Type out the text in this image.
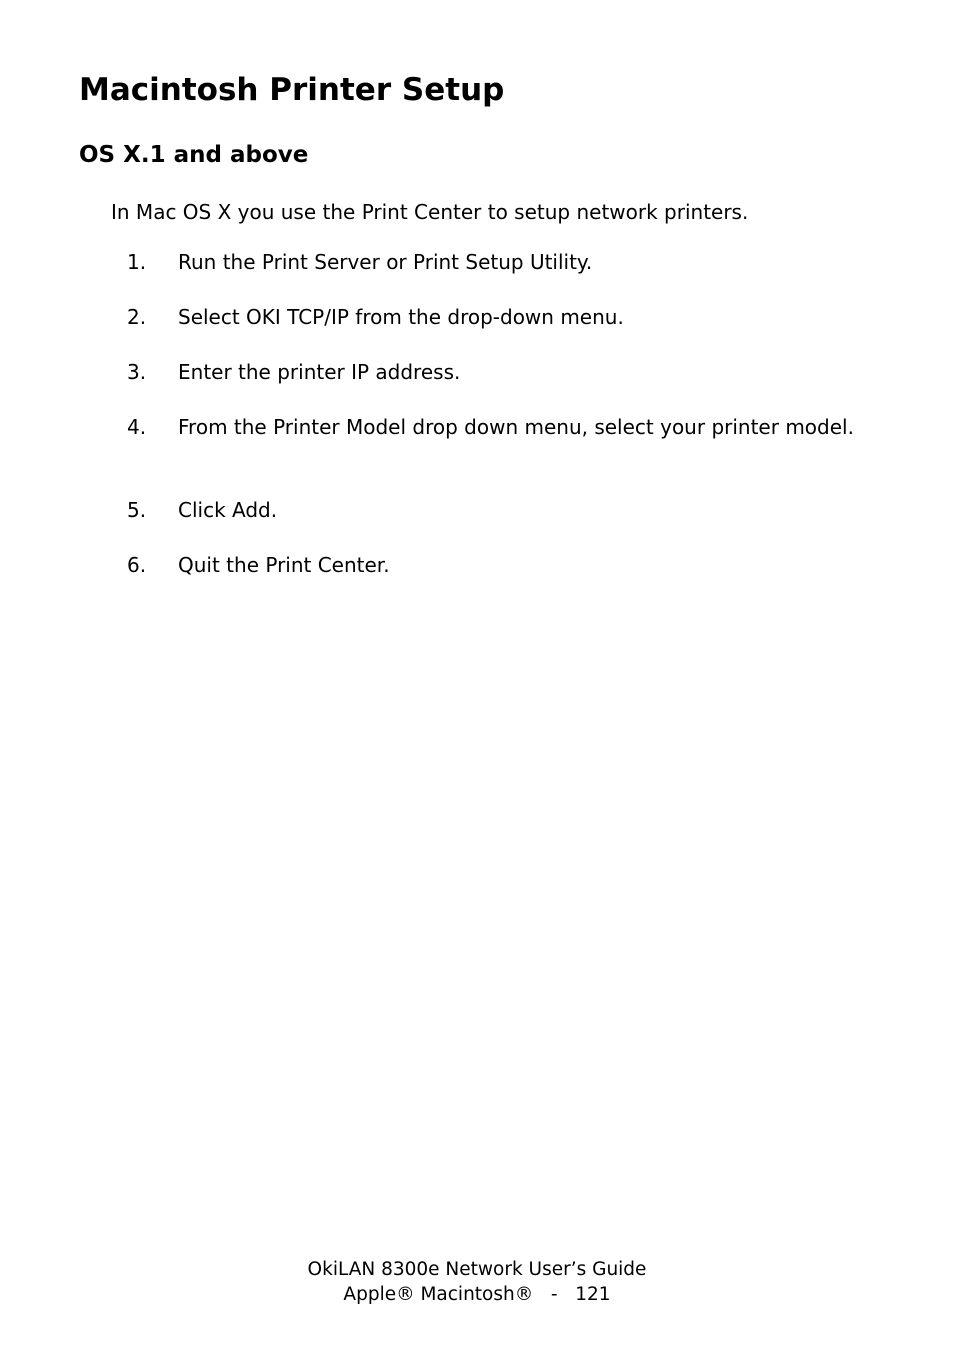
Macintosh Printer Setup
OS X.1 and above

In Mac OS X you use the Print Center to setup network printers.

1. Run the Print Server or Print Setup Utility.
2. Select OKI TCP/IP from the drop-down menu.
3. Enter the printer IP address.
4. From the Printer Model drop down menu, select your printer model.
5. Click Add.
6. Quit the Print Center.
OkiLAN 8300e Network User’s Guide
Apple® Macintosh® - 121
